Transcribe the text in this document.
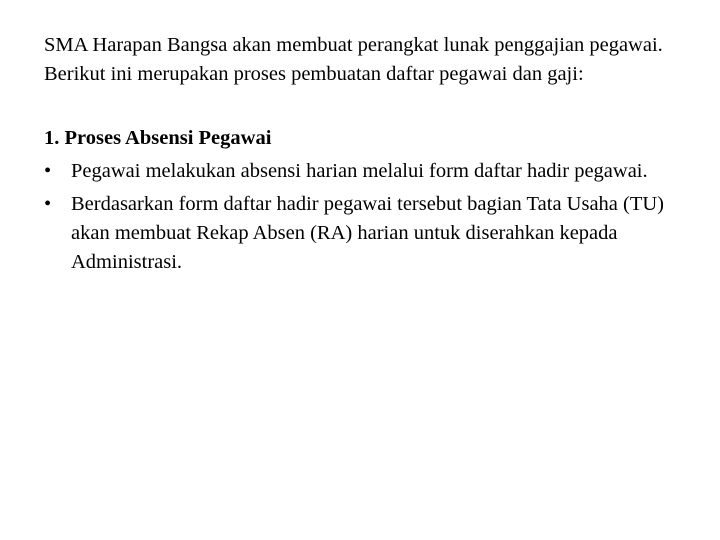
SMA Harapan Bangsa akan membuat perangkat lunak penggajian pegawai.

Berikut ini merupakan proses pembuatan daftar pegawai dan gaji:

1. Proses Absensi Pegawai

• Pegawai melakukan absensi harian melalui form daftar hadir pegawai.
• Berdasarkan form daftar hadir pegawai tersebut bagian Tata Usaha (TU) akan membuat Rekap Absen (RA) harian untuk diserahkan kepada Administrasi.
